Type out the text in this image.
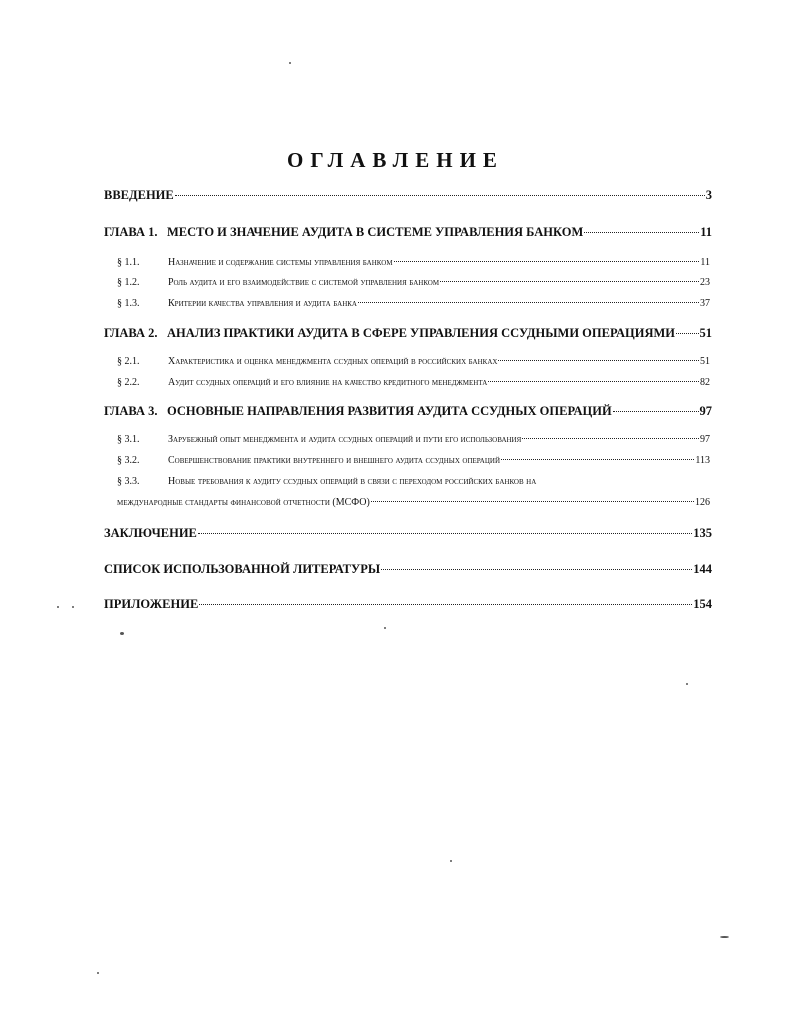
ОГЛАВЛЕНИЕ
ВВЕДЕНИЕ	3
ГЛАВА 1. МЕСТО И ЗНАЧЕНИЕ АУДИТА В СИСТЕМЕ УПРАВЛЕНИЯ БАНКОМ	11
§ 1.1.	Назначение и содержание системы управления банком	11
§ 1.2.	Роль аудита и его взаимодействие с системой управления банком	23
§ 1.3.	Критерии качества управления и аудита банка	37
ГЛАВА 2. АНАЛИЗ ПРАКТИКИ АУДИТА В СФЕРЕ УПРАВЛЕНИЯ ССУДНЫМИ ОПЕРАЦИЯМИ 51
§ 2.1.	Характеристика и оценка менеджмента ссудных операций в российских банках	51
§ 2.2.	Аудит ссудных операций и его влияние на качество кредитного менеджмента	82
ГЛАВА 3. ОСНОВНЫЕ НАПРАВЛЕНИЯ РАЗВИТИЯ АУДИТА ССУДНЫХ ОПЕРАЦИЙ	97
§ 3.1.	Зарубежный опыт менеджмента и аудита ссудных операций и пути его использования	97
§ 3.2.	Совершенствование практики внутреннего и внешнего аудита ссудных операций	113
§ 3.3.	Новые требования к аудиту ссудных операций в связи с переходом российских банков на
международные стандарты финансовой отчетности (МСФО)	126
ЗАКЛЮЧЕНИЕ	135
СПИСОК ИСПОЛЬЗОВАННОЙ ЛИТЕРАТУРЫ	144
ПРИЛОЖЕНИЕ	154
